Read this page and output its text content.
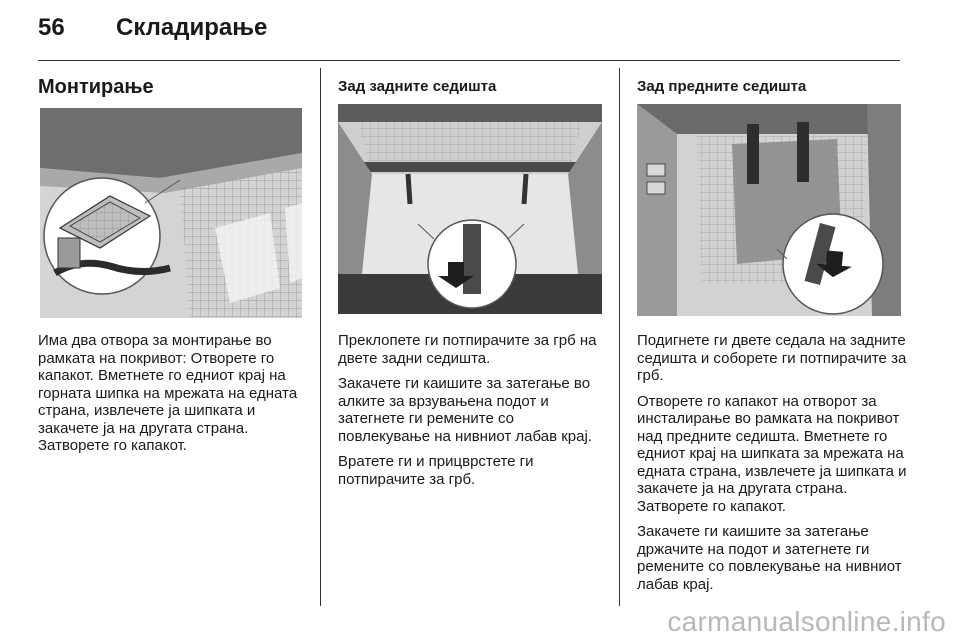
56 Складирање
Монтирање

Има два отвора за монтирање во рамката на покривот: Отворете го капакот. Вметнете го едниот крај на горната шипка на мрежата на едната страна, извлечете ја шипката и закачете ја на другата страна. Затворете го капакот.

Зад задните седишта

Преклопете ги потпирачите за грб на двете задни седишта.

Закачете ги каишите за затегање во алките за врзувањена подот и затегнете ги ремените со повлекување на нивниот лабав крај.

Вратете ги и прицврстете ги потпирачите за грб.

Зад предните седишта

Подигнете ги двете седала на задните седишта и соборете ги потпирачите за грб.

Отворете го капакот на отворот за инсталирање во рамката на покривот над предните седишта. Вметнете го едниот крај на шипката за мрежата на едната страна, извлечете ја шипката и закачете ја на другата страна. Затворете го капакот.

Закачете ги каишите за затегање држачите на подот и затегнете ги ремените со повлекување на нивниот лабав крај.

carmanualsonline.info
